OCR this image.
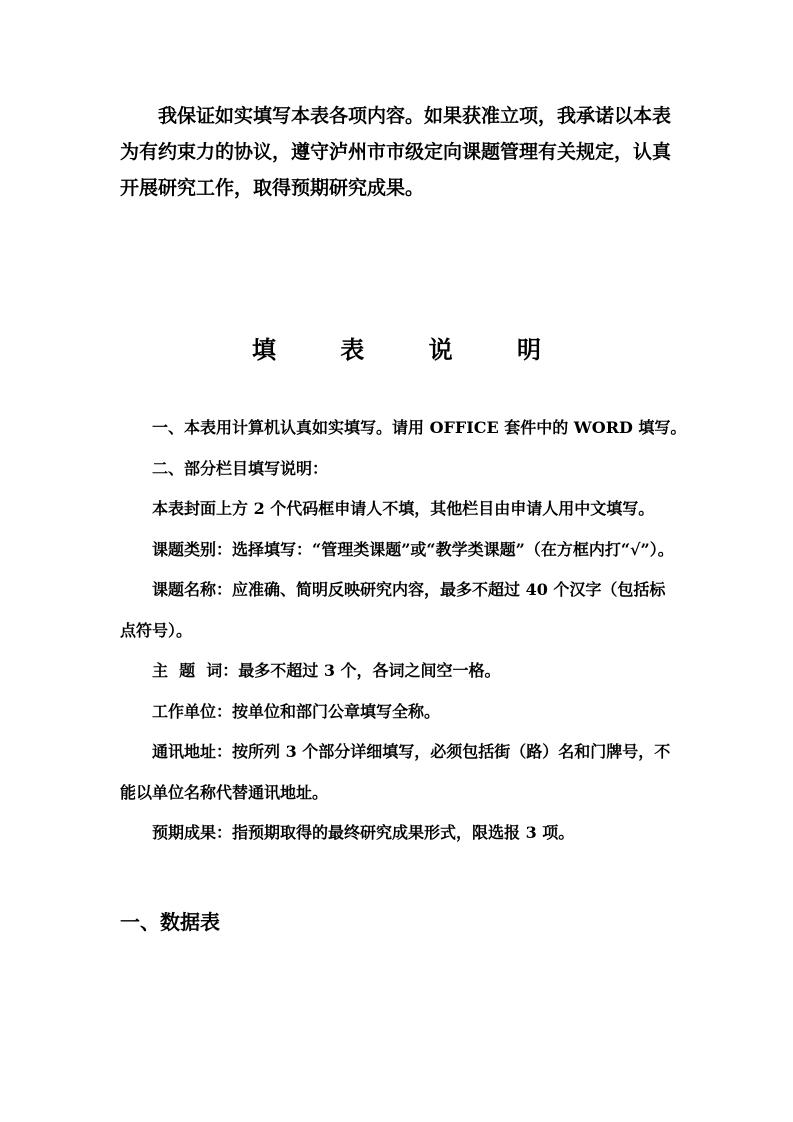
我保证如实填写本表各项内容。如果获准立项，我承诺以本表为有约束力的协议，遵守泸州市市级定向课题管理有关规定，认真开展研究工作，取得预期研究成果。

填 表 说 明

一、本表用计算机认真如实填写。请用 OFFICE 套件中的 WORD 填写。

二、部分栏目填写说明：

本表封面上方 2 个代码框申请人不填，其他栏目由申请人用中文填写。

课题类别：选择填写：“管理类课题”或“教学类课题”（在方框内打“√”）。

课题名称：应准确、简明反映研究内容，最多不超过 40 个汉字（包括标点符号）。

主  题  词：最多不超过 3 个，各词之间空一格。

工作单位：按单位和部门公章填写全称。

通讯地址：按所列 3 个部分详细填写，必须包括街（路）名和门牌号，不能以单位名称代替通讯地址。

预期成果：指预期取得的最终研究成果形式，限选报 3 项。

一、数据表
